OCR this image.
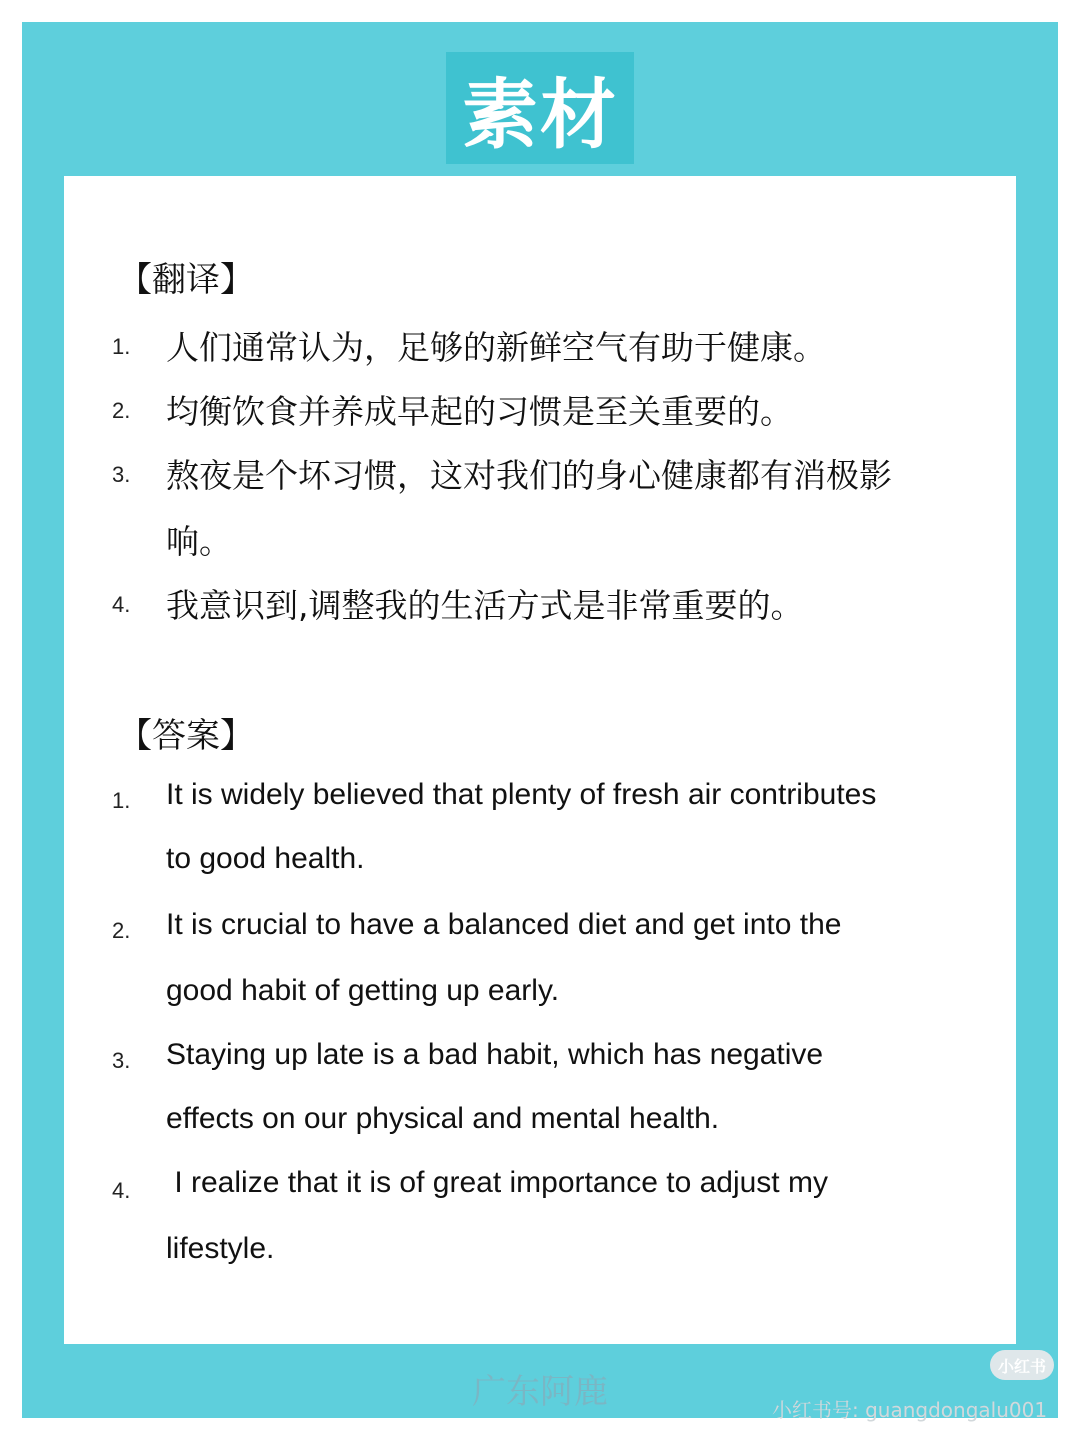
素材
【翻译】
1. 人们通常认为，足够的新鲜空气有助于健康。
2. 均衡饮食并养成早起的习惯是至关重要的。
3. 熬夜是个坏习惯，这对我们的身心健康都有消极影
响。
4. 我意识到,调整我的生活方式是非常重要的。
【答案】
1. It is widely believed that plenty of fresh air contributes
to good health.
2. It is crucial to have a balanced diet and get into the
good habit of getting up early.
3. Staying up late is a bad habit, which has negative
effects on our physical and mental health.
4. I realize that it is of great importance to adjust my
lifestyle.
广东阿鹿
小红书
小红书号: guangdongalu001
